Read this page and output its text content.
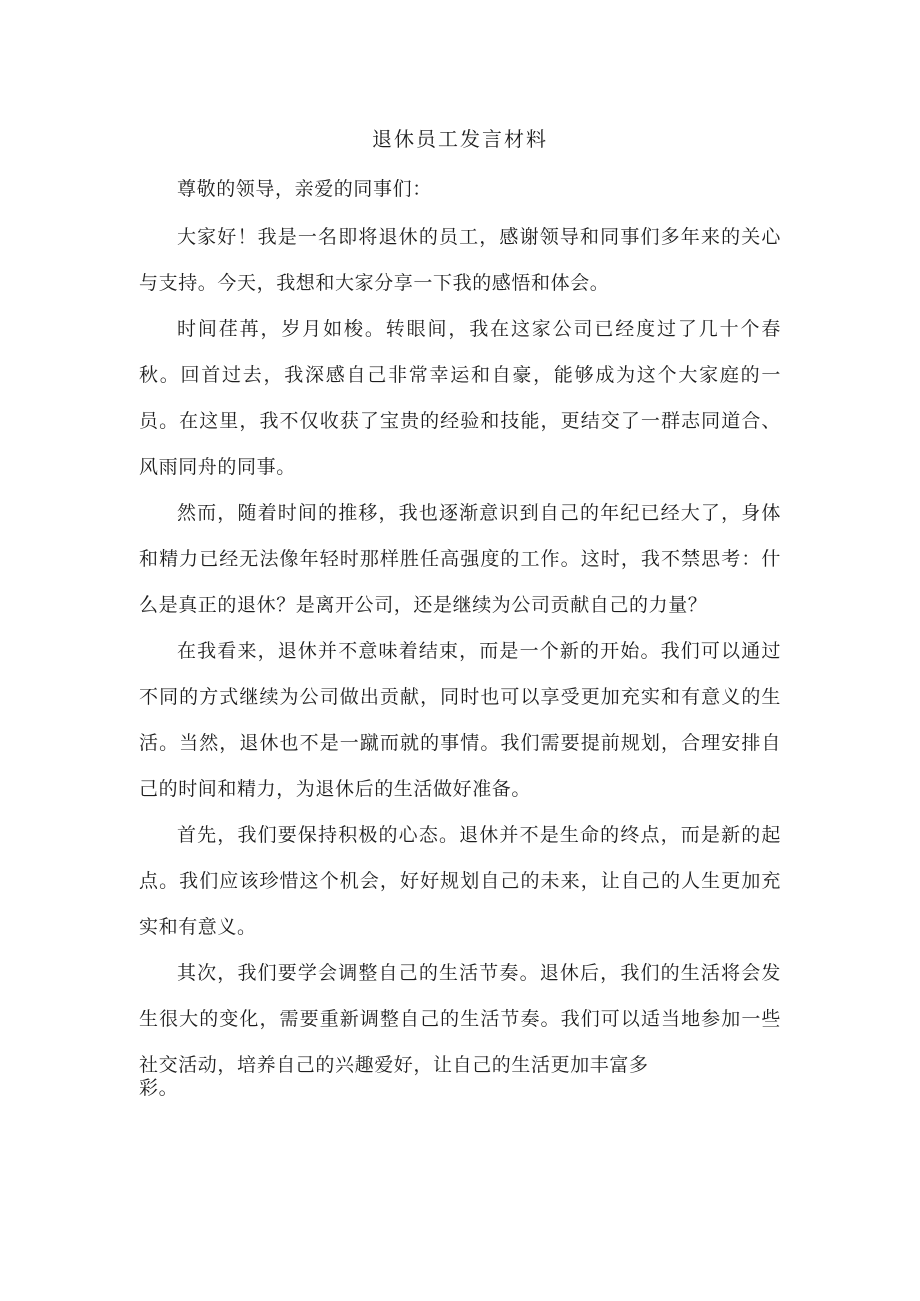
退休员工发言材料

尊敬的领导，亲爱的同事们：

大家好！我是一名即将退休的员工，感谢领导和同事们多年来的关心与支持。今天，我想和大家分享一下我的感悟和体会。

时间荏苒，岁月如梭。转眼间，我在这家公司已经度过了几十个春秋。回首过去，我深感自己非常幸运和自豪，能够成为这个大家庭的一员。在这里，我不仅收获了宝贵的经验和技能，更结交了一群志同道合、风雨同舟的同事。

然而，随着时间的推移，我也逐渐意识到自己的年纪已经大了，身体和精力已经无法像年轻时那样胜任高强度的工作。这时，我不禁思考：什么是真正的退休？是离开公司，还是继续为公司贡献自己的力量？

在我看来，退休并不意味着结束，而是一个新的开始。我们可以通过不同的方式继续为公司做出贡献，同时也可以享受更加充实和有意义的生活。当然，退休也不是一蹴而就的事情。我们需要提前规划，合理安排自己的时间和精力，为退休后的生活做好准备。

首先，我们要保持积极的心态。退休并不是生命的终点，而是新的起点。我们应该珍惜这个机会，好好规划自己的未来，让自己的人生更加充实和有意义。

其次，我们要学会调整自己的生活节奏。退休后，我们的生活将会发生很大的变化，需要重新调整自己的生活节奏。我们可以适当地参加一些社交活动，培养自己的兴趣爱好，让自己的生活更加丰富多

彩。
